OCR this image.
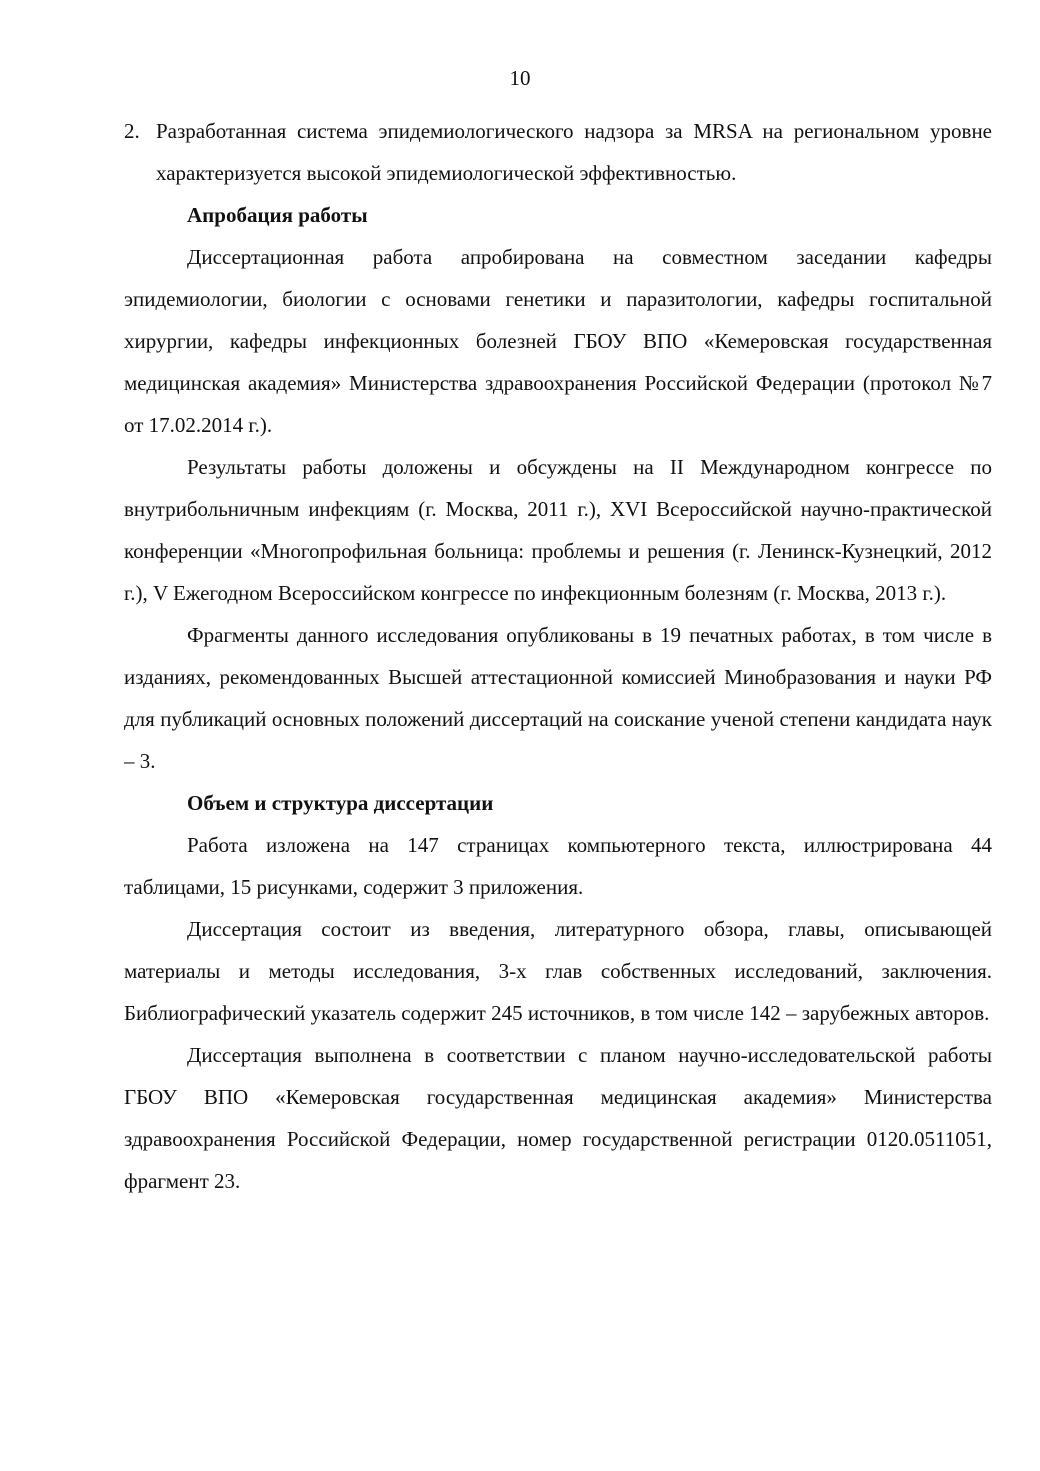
10
2. Разработанная система эпидемиологического надзора за MRSA на региональном уровне характеризуется высокой эпидемиологической эффективностью.

Апробация работы

Диссертационная работа апробирована на совместном заседании кафедры эпидемиологии, биологии с основами генетики и паразитологии, кафедры госпитальной хирургии, кафедры инфекционных болезней ГБОУ ВПО «Кемеровская государственная медицинская академия» Министерства здравоохранения Российской Федерации (протокол №7 от 17.02.2014 г.).

Результаты работы доложены и обсуждены на II Международном конгрессе по внутрибольничным инфекциям (г. Москва, 2011 г.), XVI Всероссийской научно-практической конференции «Многопрофильная больница: проблемы и решения (г. Ленинск-Кузнецкий, 2012 г.), V Ежегодном Всероссийском конгрессе по инфекционным болезням (г. Москва, 2013 г.).

Фрагменты данного исследования опубликованы в 19 печатных работах, в том числе в изданиях, рекомендованных Высшей аттестационной комиссией Минобразования и науки РФ для публикаций основных положений диссертаций на соискание ученой степени кандидата наук – 3.

Объем и структура диссертации

Работа изложена на 147 страницах компьютерного текста, иллюстрирована 44 таблицами, 15 рисунками, содержит 3 приложения.

Диссертация состоит из введения, литературного обзора, главы, описывающей материалы и методы исследования, 3-х глав собственных исследований, заключения. Библиографический указатель содержит 245 источников, в том числе 142 – зарубежных авторов.

Диссертация выполнена в соответствии с планом научно-исследовательской работы ГБОУ ВПО «Кемеровская государственная медицинская академия» Министерства здравоохранения Российской Федерации, номер государственной регистрации 0120.0511051, фрагмент 23.
